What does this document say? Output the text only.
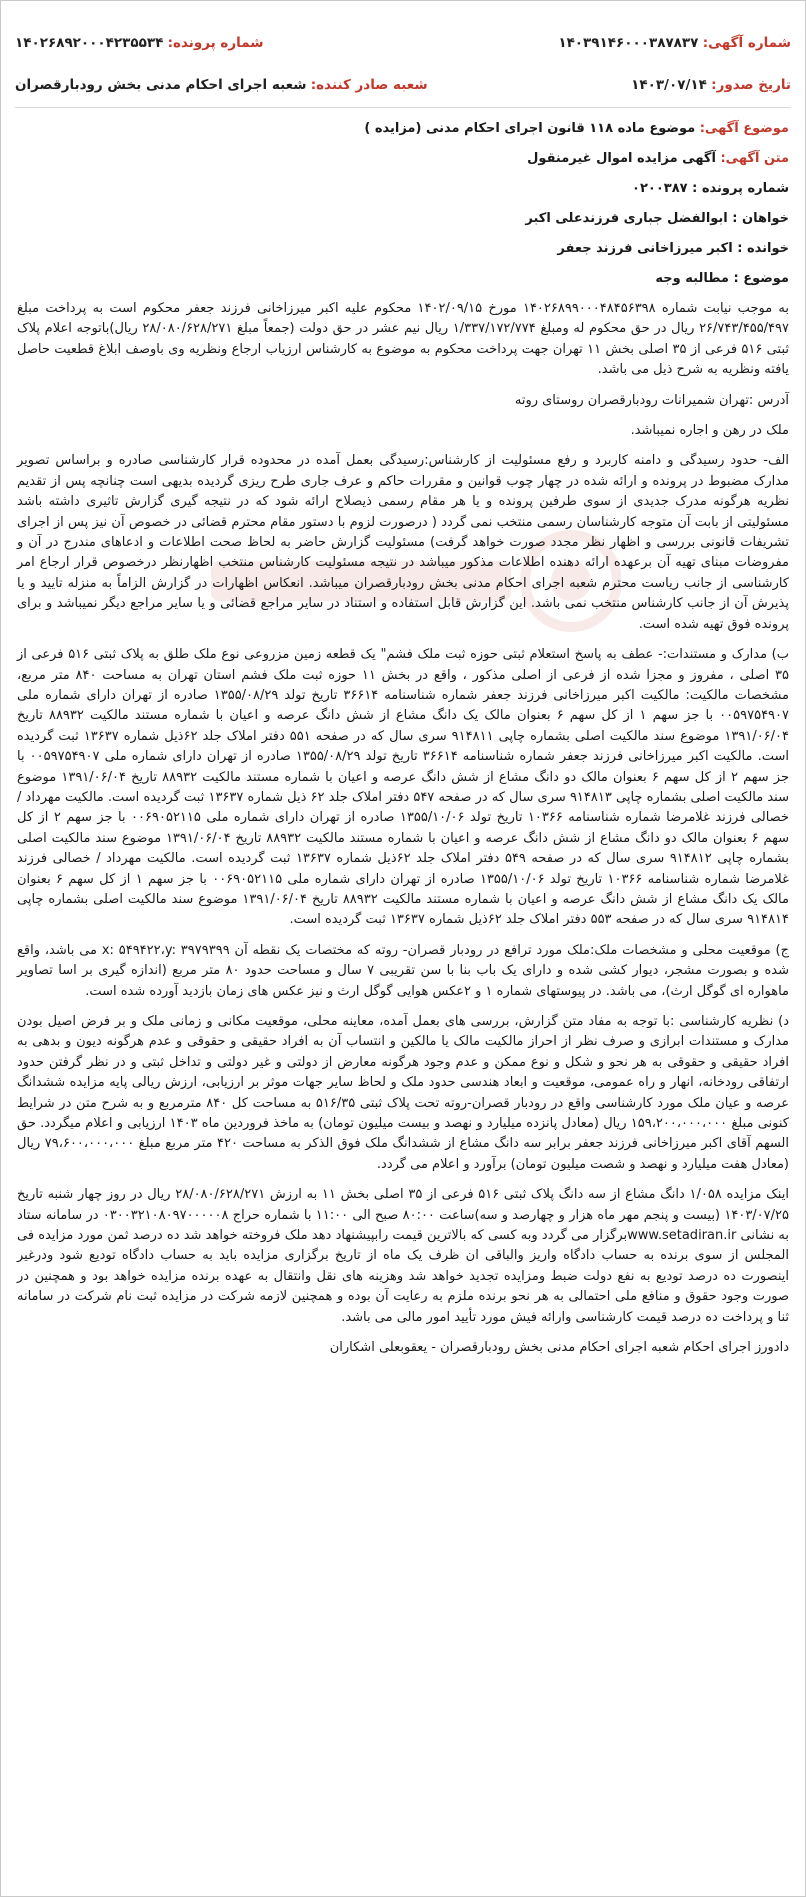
شماره آگهی: ۱۴۰۳۹۱۴۶۰۰۰۳۸۷۸۳۷
شماره پرونده: ۱۴۰۲۶۸۹۲۰۰۰۴۲۳۵۵۳۴
تاریخ صدور: ۱۴۰۳/۰۷/۱۴
شعبه صادر کننده: شعبه اجرای احکام مدنی بخش رودبارقصران
موضوع آگهی: موضوع ماده ۱۱۸ قانون اجرای احکام مدنی (مزایده )
متن آگهی: آگهی مزایده اموال غیرمنقول
شماره پرونده : ۰۲۰۰۳۸۷
خواهان : ابوالفضل جباری فرزندعلی اکبر
خوانده : اکبر میرزاخانی فرزند جعفر
موضوع : مطالبه وجه

به موجب نیابت شماره ۱۴۰۲۶۸۹۹۰۰۰۴۸۴۵۶۳۹۸ مورخ ۱۴۰۲/۰۹/۱۵ محکوم علیه اکبر میرزاخانی فرزند جعفر محکوم است به پرداخت مبلغ ۲۶/۷۴۳/۴۵۵/۴۹۷ ریال در حق محکوم له ومبلغ ۱/۳۳۷/۱۷۲/۷۷۴ ریال نیم عشر در حق دولت (جمعاً مبلغ ۲۸/۰۸۰/۶۲۸/۲۷۱ ریال)باتوجه اعلام پلاک ثبتی ۵۱۶ فرعی از ۳۵ اصلی بخش ۱۱ تهران جهت پرداخت محکوم به موضوع به کارشناس ارزیاب ارجاع ونظریه وی باوصف ابلاغ قطعیت حاصل یافته ونظریه به شرح ذیل می باشد.

آدرس :تهران شمیرانات رودبارقصران روستای روته

ملک در رهن و اجاره نمیباشد.

الف- حدود رسیدگی و دامنه کاربرد و رفع مسئولیت از کارشناس:رسیدگی بعمل آمده در محدوده قرار کارشناسی صادره و براساس تصویر مدارک مضبوط در پرونده و ارائه شده در چهار چوب قوانین و مقررات حاکم و عرف جاری طرح ریزی گردیده بدیهی است چنانچه پس از تقدیم نظریه هرگونه مدرک جدیدی از سوی طرفین پرونده و یا هر مقام رسمی ذیصلاح ارائه شود که در نتیجه گیری گزارش تاثیری داشته باشد مسئولیتی از بابت آن متوجه کارشناسان رسمی منتخب نمی گردد ( درصورت لزوم با دستور مقام محترم قضائی در خصوص آن نیز پس از اجرای تشریفات قانونی بررسی و اظهار نظر مجدد صورت خواهد گرفت) مسئولیت گزارش حاضر به لحاظ صحت اطلاعات و ادعاهای مندرج در آن و مفروضات مبنای تهیه آن برعهده ارائه دهنده اطلاعات مذکور میباشد در نتیجه مسئولیت کارشناس منتخب اظهارنظر درخصوص قرار ارجاع امر کارشناسی از جانب ریاست محترم شعبه اجرای احکام مدنی بخش رودبارقصران میباشد. انعکاس اظهارات در گزارش الزاماً به منزله تایید و یا پذیرش آن از جانب کارشناس منتخب نمی باشد. این گزارش قابل استفاده و استناد در سایر مراجع قضائی و یا سایر مراجع دیگر نمیباشد و برای پرونده فوق تهیه شده است.

ب) مدارک و مستندات:- عطف به پاسخ استعلام ثبتی حوزه ثبت ملک فشم" یک قطعه زمین مزروعی نوع ملک طلق به پلاک ثبتی ۵۱۶ فرعی از ۳۵ اصلی ، مفروز و مجزا شده از فرعی از اصلی مذکور ، واقع در بخش ۱۱ حوزه ثبت ملک فشم استان تهران به مساحت ۸۴۰ متر مربع، مشخصات مالکیت: مالکیت اکبر میرزاخانی فرزند جعفر شماره شناسنامه ۳۶۶۱۴ تاریخ تولد ۱۳۵۵/۰۸/۲۹ صادره از تهران دارای شماره ملی ۰۰۵۹۷۵۴۹۰۷ با جز سهم ۱ از کل سهم ۶ بعنوان مالک یک دانگ مشاع از شش دانگ عرصه و اعیان با شماره مستند مالکیت ۸۸۹۳۲ تاریخ ۱۳۹۱/۰۶/۰۴ موضوع سند مالکیت اصلی بشماره چاپی ۹۱۴۸۱۱ سری سال که در صفحه ۵۵۱ دفتر املاک جلد ۶۲ذیل شماره ۱۳۶۳۷ ثبت گردیده است. مالکیت اکبر میرزاخانی فرزند جعفر شماره شناسنامه ۳۶۶۱۴ تاریخ تولد ۱۳۵۵/۰۸/۲۹ صادره از تهران دارای شماره ملی ۰۰۵۹۷۵۴۹۰۷ با جز سهم ۲ از کل سهم ۶ بعنوان مالک دو دانگ مشاع از شش دانگ عرصه و اعیان با شماره مستند مالکیت ۸۸۹۳۲ تاریخ ۱۳۹۱/۰۶/۰۴ موضوع سند مالکیت اصلی بشماره چاپی ۹۱۴۸۱۳ سری سال که در صفحه ۵۴۷ دفتر املاک جلد ۶۲ ذیل شماره ۱۳۶۳۷ ثبت گردیده است. مالکیت مهرداد / خصالی فرزند غلامرضا شماره شناسنامه ۱۰۳۶۶ تاریخ تولد ۱۳۵۵/۱۰/۰۶ صادره از تهران دارای شماره ملی ۰۰۶۹۰۵۲۱۱۵ با جز سهم ۲ از کل سهم ۶ بعنوان مالک دو دانگ مشاع از شش دانگ عرصه و اعیان با شماره مستند مالکیت ۸۸۹۳۲ تاریخ ۱۳۹۱/۰۶/۰۴ موضوع سند مالکیت اصلی بشماره چاپی ۹۱۴۸۱۲ سری سال که در صفحه ۵۴۹ دفتر املاک جلد ۶۲ذیل شماره ۱۳۶۳۷ ثبت گردیده است. مالکیت مهرداد / خصالی فرزند غلامرضا شماره شناسنامه ۱۰۳۶۶ تاریخ تولد ۱۳۵۵/۱۰/۰۶ صادره از تهران دارای شماره ملی ۰۰۶۹۰۵۲۱۱۵ با جز سهم ۱ از کل سهم ۶ بعنوان مالک یک دانگ مشاع از شش دانگ عرصه و اعیان با شماره مستند مالکیت ۸۸۹۳۲ تاریخ ۱۳۹۱/۰۶/۰۴ موضوع سند مالکیت اصلی بشماره چاپی ۹۱۴۸۱۴ سری سال که در صفحه ۵۵۳ دفتر املاک جلد ۶۲ذیل شماره ۱۳۶۳۷ ثبت گردیده است.

ج) موقعیت محلی و مشخصات ملک:ملک مورد ترافع در رودبار قصران- روته که مختصات یک نقطه آن x: ۵۴۹۴۲۲،y: ۳۹۷۹۳۹۹ می باشد، واقع شده و بصورت مشجر، دیوار کشی شده و دارای یک باب بنا با سن تقریبی ۷ سال و مساحت حدود ۸۰ متر مربع (اندازه گیری بر اسا تصاویر ماهواره ای گوگل ارث)، می باشد. در پیوستهای شماره ۱ و ۲عکس هوایی گوگل ارث و نیز عکس های زمان بازدید آورده شده است.

د) نظریه کارشناسی :با توجه به مفاد متن گزارش، بررسی های بعمل آمده، معاینه محلی، موقعیت مکانی و زمانی ملک و بر فرض اصیل بودن مدارک و مستندات ابرازی و صرف نظر از احراز مالکیت مالک یا مالکین و انتساب آن به افراد حقیقی و حقوقی و عدم هرگونه دیون و بدهی به افراد حقیقی و حقوقی به هر نحو و شکل و نوع ممکن و عدم وجود هرگونه معارض از دولتی و غیر دولتی و تداخل ثبتی و در نظر گرفتن حدود ارتفاقی رودخانه، انهار و راه عمومی، موقعیت و ابعاد هندسی حدود ملک و لحاظ سایر جهات موثر بر ارزیابی، ارزش ریالی پایه مزایده ششدانگ عرصه و عیان ملک مورد کارشناسی واقع در رودبار قصران-روته تحت پلاک ثبتی ۵۱۶/۳۵ به مساحت کل ۸۴۰ مترمربع و به شرح متن در شرایط کنونی مبلغ ۱۵۹،۲۰۰،۰۰۰،۰۰۰ ریال (معادل پانزده میلیارد و نهصد و بیست میلیون تومان) به ماخذ فروردین ماه ۱۴۰۳ ارزیابی و اعلام میگردد. حق السهم آقای اکبر میرزاخانی فرزند جعفر برابر سه دانگ مشاع از ششدانگ ملک فوق الذکر به مساحت ۴۲۰ متر مربع مبلغ ۷۹،۶۰۰،۰۰۰،۰۰۰ ریال (معادل هفت میلیارد و نهصد و شصت میلیون تومان) برآورد و اعلام می گردد.

اینک مزایده ۱/۰۵۸ دانگ مشاع از سه دانگ پلاک ثبتی ۵۱۶ فرعی از ۳۵ اصلی بخش ۱۱ به ارزش ۲۸/۰۸۰/۶۲۸/۲۷۱ ریال در روز چهار شنبه تاریخ ۱۴۰۳/۰۷/۲۵ (بیست و پنجم مهر ماه هزار و چهارصد و سه)ساعت ۸۰:۰۰ صبح الی ۱۱:۰۰ با شماره حراج ۰۳۰۰۳۲۱۰۸۰۹۷۰۰۰۰۰۸ در سامانه ستاد به نشانی www.setadiran.irبرگزار می گردد وبه کسی که بالاترین قیمت رابپیشنهاد دهد ملک فروخته خواهد شد ده درصد ثمن مورد مزایده فی المجلس از سوی برنده به حساب دادگاه واریز والباقی ان ظرف یک ماه از تاریخ برگزاری مزایده باید به حساب دادگاه تودیع شود ودرغیر اینصورت ده درصد تودیع به نفع دولت ضبط ومزایده تجدید خواهد شد وهزینه های نقل وانتقال به عهده برنده مزایده خواهد بود و همچنین در صورت وجود حقوق و منافع ملی احتمالی به هر نحو برنده ملزم به رعایت آن بوده و همچنین لازمه شرکت در مزایده ثبت نام شرکت در سامانه ثنا و پرداخت ده درصد قیمت کارشناسی وارائه فیش مورد تأیید امور مالی می باشد.

دادورز اجرای احکام شعبه اجرای احکام مدنی بخش رودبارقصران - یعقوبعلی اشکاران
